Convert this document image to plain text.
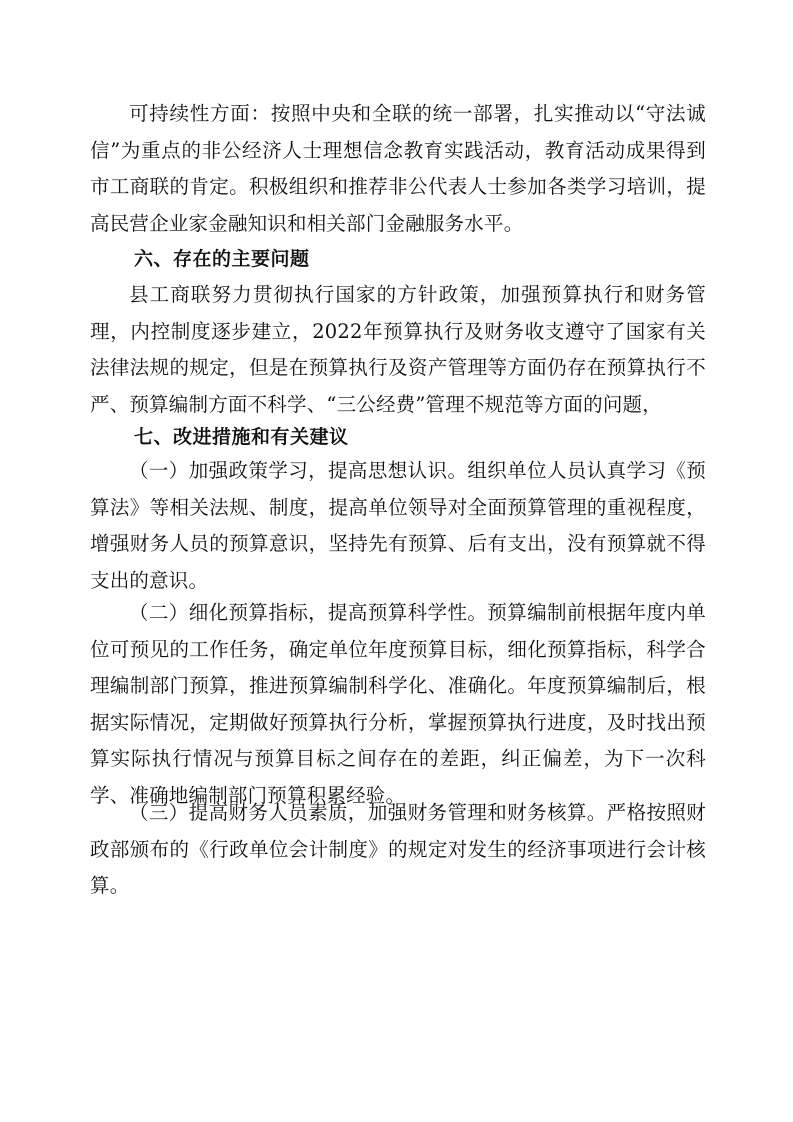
可持续性方面：按照中央和全联的统一部署，扎实推动以“守法诚信”为重点的非公经济人士理想信念教育实践活动，教育活动成果得到市工商联的肯定。积极组织和推荐非公代表人士参加各类学习培训，提高民营企业家金融知识和相关部门金融服务水平。

六、存在的主要问题

县工商联努力贯彻执行国家的方针政策，加强预算执行和财务管理，内控制度逐步建立，2022年预算执行及财务收支遵守了国家有关法律法规的规定，但是在预算执行及资产管理等方面仍存在预算执行不严、预算编制方面不科学、“三公经费”管理不规范等方面的问题，

七、改进措施和有关建议

（一）加强政策学习，提高思想认识。组织单位人员认真学习《预算法》等相关法规、制度，提高单位领导对全面预算管理的重视程度，增强财务人员的预算意识，坚持先有预算、后有支出，没有预算就不得支出的意识。

（二）细化预算指标，提高预算科学性。预算编制前根据年度内单位可预见的工作任务，确定单位年度预算目标，细化预算指标，科学合理编制部门预算，推进预算编制科学化、准确化。年度预算编制后，根据实际情况，定期做好预算执行分析，掌握预算执行进度，及时找出预算实际执行情况与预算目标之间存在的差距，纠正偏差，为下一次科学、准确地编制部门预算积累经验。

（三）提高财务人员素质，加强财务管理和财务核算。严格按照财政部颁布的《行政单位会计制度》的规定对发生的经济事项进行会计核算。
